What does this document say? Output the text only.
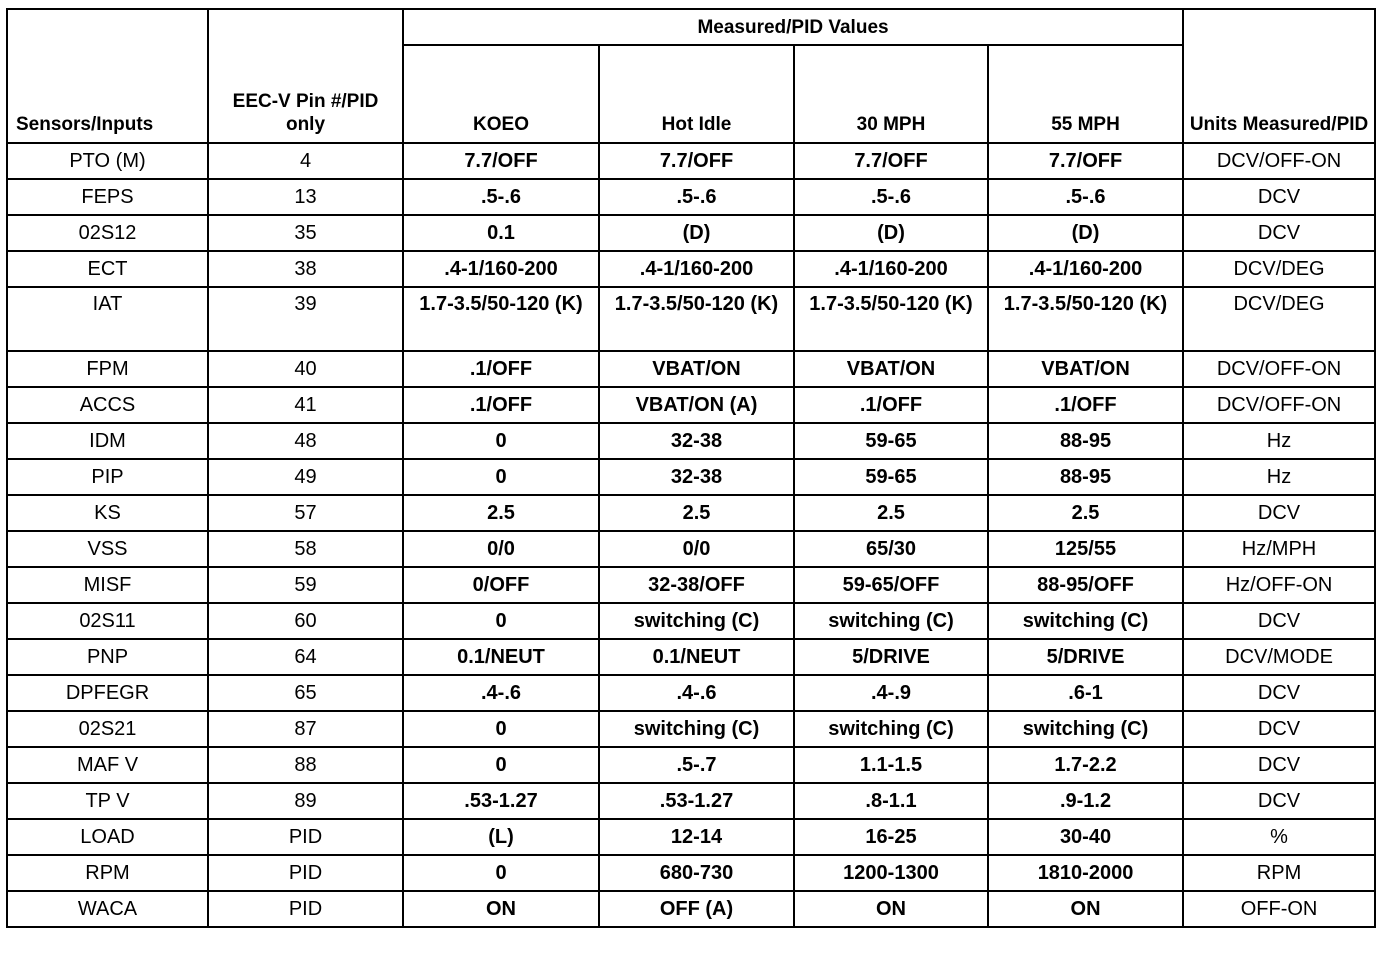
Sensors/Inputs	EEC-V Pin #/PID only	Measured/PID Values				Units Measured/PID
		KOEO	Hot Idle	30 MPH	55 MPH	
PTO (M)	4	7.7/OFF	7.7/OFF	7.7/OFF	7.7/OFF	DCV/OFF-ON
FEPS	13	.5-.6	.5-.6	.5-.6	.5-.6	DCV
02S12	35	0.1	(D)	(D)	(D)	DCV
ECT	38	.4-1/160-200	.4-1/160-200	.4-1/160-200	.4-1/160-200	DCV/DEG
IAT	39	1.7-3.5/50-120 (K)	1.7-3.5/50-120 (K)	1.7-3.5/50-120 (K)	1.7-3.5/50-120 (K)	DCV/DEG
FPM	40	.1/OFF	VBAT/ON	VBAT/ON	VBAT/ON	DCV/OFF-ON
ACCS	41	.1/OFF	VBAT/ON (A)	.1/OFF	.1/OFF	DCV/OFF-ON
IDM	48	0	32-38	59-65	88-95	Hz
PIP	49	0	32-38	59-65	88-95	Hz
KS	57	2.5	2.5	2.5	2.5	DCV
VSS	58	0/0	0/0	65/30	125/55	Hz/MPH
MISF	59	0/OFF	32-38/OFF	59-65/OFF	88-95/OFF	Hz/OFF-ON
02S11	60	0	switching (C)	switching (C)	switching (C)	DCV
PNP	64	0.1/NEUT	0.1/NEUT	5/DRIVE	5/DRIVE	DCV/MODE
DPFEGR	65	.4-.6	.4-.6	.4-.9	.6-1	DCV
02S21	87	0	switching (C)	switching (C)	switching (C)	DCV
MAF V	88	0	.5-.7	1.1-1.5	1.7-2.2	DCV
TP V	89	.53-1.27	.53-1.27	.8-1.1	.9-1.2	DCV
LOAD	PID	(L)	12-14	16-25	30-40	%
RPM	PID	0	680-730	1200-1300	1810-2000	RPM
WACA	PID	ON	OFF (A)	ON	ON	OFF-ON
